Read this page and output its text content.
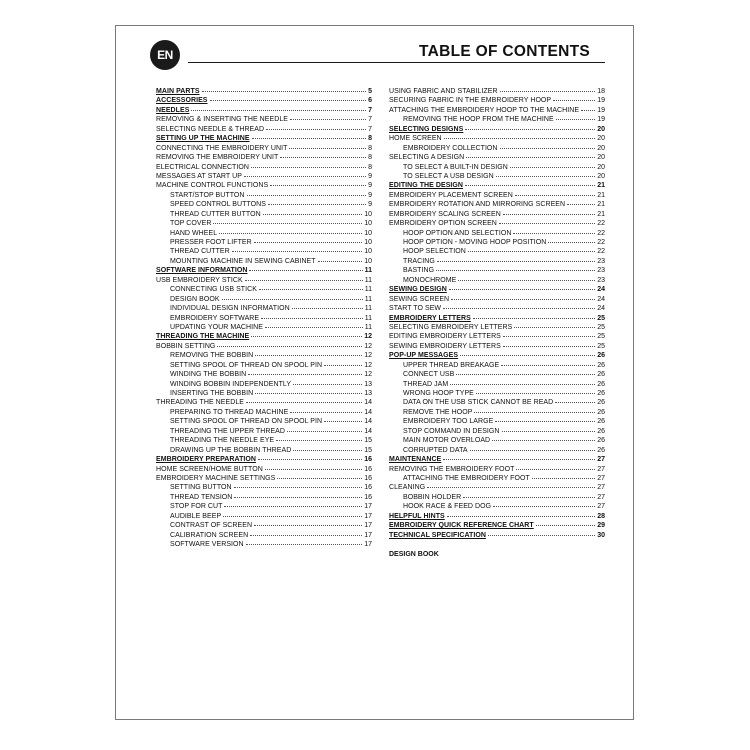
EN	TABLE OF CONTENTS
MAIN PARTS	5
ACCESSORIES	6
NEEDLES	7
REMOVING & INSERTING THE NEEDLE	7
SELECTING NEEDLE & THREAD	7
SETTING UP THE MACHINE	8
CONNECTING THE EMBROIDERY UNIT	8
REMOVING THE EMBROIDERY UNIT	8
ELECTRICAL CONNECTION	8
MESSAGES AT START UP	9
MACHINE CONTROL FUNCTIONS	9
START/STOP BUTTON	9
SPEED CONTROL BUTTONS	9
THREAD CUTTER BUTTON	10
TOP COVER	10
HAND WHEEL	10
PRESSER FOOT LIFTER	10
THREAD CUTTER	10
MOUNTING MACHINE IN SEWING CABINET	10
SOFTWARE INFORMATION	11
USB EMBROIDERY STICK	11
CONNECTING USB STICK	11
DESIGN BOOK	11
INDIVIDUAL DESIGN INFORMATION	11
EMBROIDERY SOFTWARE	11
UPDATING YOUR MACHINE	11
THREADING THE MACHINE	12
BOBBIN SETTING	12
REMOVING THE BOBBIN	12
SETTING SPOOL OF THREAD ON SPOOL PIN	12
WINDING THE BOBBIN	12
WINDING BOBBIN INDEPENDENTLY	13
INSERTING THE BOBBIN	13
THREADING THE NEEDLE	14
PREPARING TO THREAD MACHINE	14
SETTING SPOOL OF THREAD ON SPOOL PIN	14
THREADING THE UPPER THREAD	14
THREADING THE NEEDLE EYE	15
DRAWING UP THE BOBBIN THREAD	15
EMBROIDERY PREPARATION	16
HOME SCREEN/HOME BUTTON	16
EMBROIDERY MACHINE SETTINGS	16
SETTING BUTTON	16
THREAD TENSION	16
STOP FOR CUT	17
AUDIBLE BEEP	17
CONTRAST OF SCREEN	17
CALIBRATION SCREEN	17
SOFTWARE VERSION	17
USING FABRIC AND STABILIZER	18
SECURING FABRIC IN THE EMBROIDERY HOOP	19
ATTACHING THE EMBROIDERY HOOP TO THE MACHINE	19
REMOVING THE HOOP FROM THE MACHINE	19
SELECTING DESIGNS	20
HOME SCREEN	20
EMBROIDERY COLLECTION	20
SELECTING A DESIGN	20
TO SELECT A BUILT-IN DESIGN	20
TO SELECT A USB DESIGN	20
EDITING THE DESIGN	21
EMBROIDERY PLACEMENT SCREEN	21
EMBROIDERY ROTATION AND MIRRORING SCREEN	21
EMBROIDERY SCALING SCREEN	21
EMBROIDERY OPTION SCREEN	22
HOOP OPTION AND SELECTION	22
HOOP OPTION - MOVING HOOP POSITION	22
HOOP SELECTION	22
TRACING	23
BASTING	23
MONOCHROME	23
SEWING DESIGN	24
SEWING SCREEN	24
START TO SEW	24
EMBROIDERY LETTERS	25
SELECTING EMBROIDERY LETTERS	25
EDITING EMBROIDERY LETTERS	25
SEWING EMBROIDERY LETTERS	25
POP-UP MESSAGES	26
UPPER THREAD BREAKAGE	26
CONNECT USB	26
THREAD JAM	26
WRONG HOOP TYPE	26
DATA ON THE USB STICK CANNOT BE READ	26
REMOVE THE HOOP	26
EMBROIDERY TOO LARGE	26
STOP COMMAND IN DESIGN	26
MAIN MOTOR OVERLOAD	26
CORRUPTED DATA	26
MAINTENANCE	27
REMOVING THE EMBROIDERY FOOT	27
ATTACHING THE EMBROIDERY FOOT	27
CLEANING	27
BOBBIN HOLDER	27
HOOK RACE & FEED DOG	27
HELPFUL HINTS	28
EMBROIDERY QUICK REFERENCE CHART	29
TECHNICAL SPECIFICATION	30
DESIGN BOOK
